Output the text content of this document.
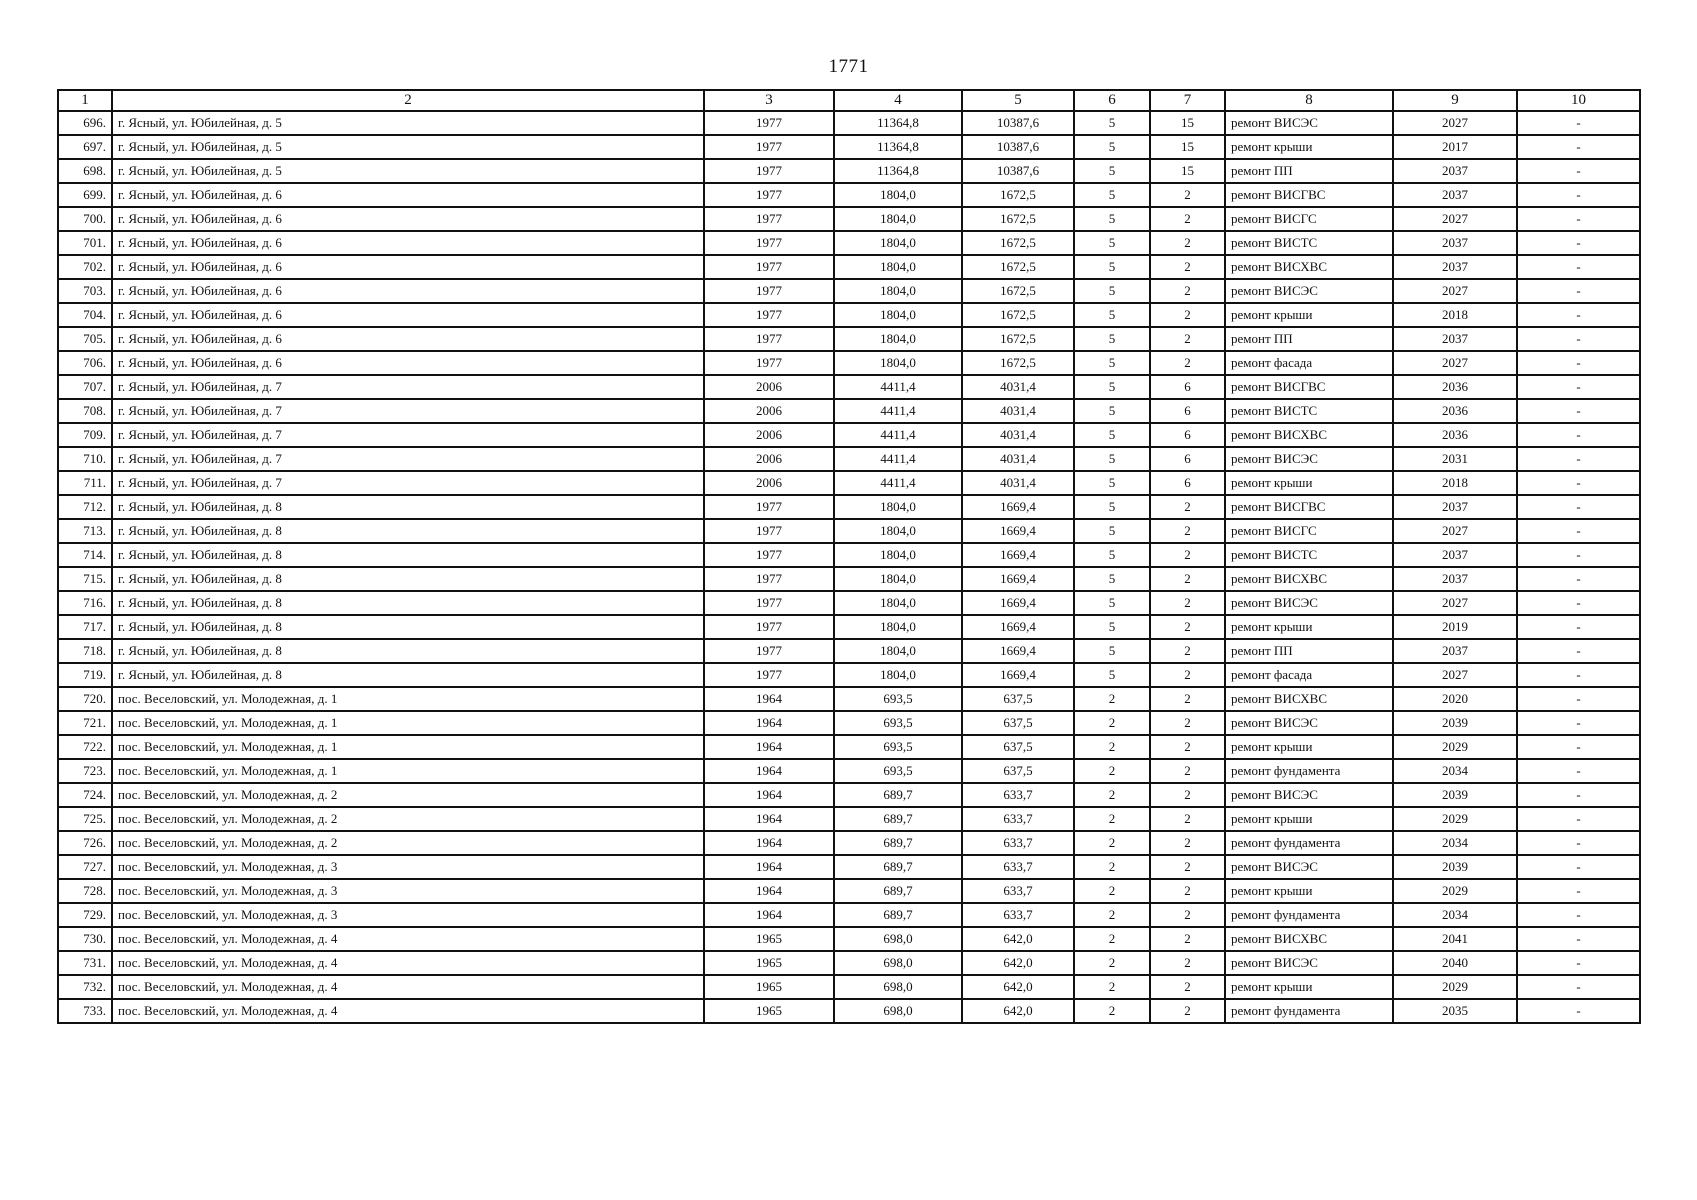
1771
1	2	3	4	5	6	7	8	9	10
696.	г. Ясный, ул. Юбилейная, д. 5	1977	11364,8	10387,6	5	15	ремонт ВИСЭС	2027	-
697.	г. Ясный, ул. Юбилейная, д. 5	1977	11364,8	10387,6	5	15	ремонт крыши	2017	-
698.	г. Ясный, ул. Юбилейная, д. 5	1977	11364,8	10387,6	5	15	ремонт ПП	2037	-
699.	г. Ясный, ул. Юбилейная, д. 6	1977	1804,0	1672,5	5	2	ремонт ВИСГВС	2037	-
700.	г. Ясный, ул. Юбилейная, д. 6	1977	1804,0	1672,5	5	2	ремонт ВИСГС	2027	-
701.	г. Ясный, ул. Юбилейная, д. 6	1977	1804,0	1672,5	5	2	ремонт ВИСТС	2037	-
702.	г. Ясный, ул. Юбилейная, д. 6	1977	1804,0	1672,5	5	2	ремонт ВИСХВС	2037	-
703.	г. Ясный, ул. Юбилейная, д. 6	1977	1804,0	1672,5	5	2	ремонт ВИСЭС	2027	-
704.	г. Ясный, ул. Юбилейная, д. 6	1977	1804,0	1672,5	5	2	ремонт крыши	2018	-
705.	г. Ясный, ул. Юбилейная, д. 6	1977	1804,0	1672,5	5	2	ремонт ПП	2037	-
706.	г. Ясный, ул. Юбилейная, д. 6	1977	1804,0	1672,5	5	2	ремонт фасада	2027	-
707.	г. Ясный, ул. Юбилейная, д. 7	2006	4411,4	4031,4	5	6	ремонт ВИСГВС	2036	-
708.	г. Ясный, ул. Юбилейная, д. 7	2006	4411,4	4031,4	5	6	ремонт ВИСТС	2036	-
709.	г. Ясный, ул. Юбилейная, д. 7	2006	4411,4	4031,4	5	6	ремонт ВИСХВС	2036	-
710.	г. Ясный, ул. Юбилейная, д. 7	2006	4411,4	4031,4	5	6	ремонт ВИСЭС	2031	-
711.	г. Ясный, ул. Юбилейная, д. 7	2006	4411,4	4031,4	5	6	ремонт крыши	2018	-
712.	г. Ясный, ул. Юбилейная, д. 8	1977	1804,0	1669,4	5	2	ремонт ВИСГВС	2037	-
713.	г. Ясный, ул. Юбилейная, д. 8	1977	1804,0	1669,4	5	2	ремонт ВИСГС	2027	-
714.	г. Ясный, ул. Юбилейная, д. 8	1977	1804,0	1669,4	5	2	ремонт ВИСТС	2037	-
715.	г. Ясный, ул. Юбилейная, д. 8	1977	1804,0	1669,4	5	2	ремонт ВИСХВС	2037	-
716.	г. Ясный, ул. Юбилейная, д. 8	1977	1804,0	1669,4	5	2	ремонт ВИСЭС	2027	-
717.	г. Ясный, ул. Юбилейная, д. 8	1977	1804,0	1669,4	5	2	ремонт крыши	2019	-
718.	г. Ясный, ул. Юбилейная, д. 8	1977	1804,0	1669,4	5	2	ремонт ПП	2037	-
719.	г. Ясный, ул. Юбилейная, д. 8	1977	1804,0	1669,4	5	2	ремонт фасада	2027	-
720.	пос. Веселовский, ул. Молодежная, д. 1	1964	693,5	637,5	2	2	ремонт ВИСХВС	2020	-
721.	пос. Веселовский, ул. Молодежная, д. 1	1964	693,5	637,5	2	2	ремонт ВИСЭС	2039	-
722.	пос. Веселовский, ул. Молодежная, д. 1	1964	693,5	637,5	2	2	ремонт крыши	2029	-
723.	пос. Веселовский, ул. Молодежная, д. 1	1964	693,5	637,5	2	2	ремонт фундамента	2034	-
724.	пос. Веселовский, ул. Молодежная, д. 2	1964	689,7	633,7	2	2	ремонт ВИСЭС	2039	-
725.	пос. Веселовский, ул. Молодежная, д. 2	1964	689,7	633,7	2	2	ремонт крыши	2029	-
726.	пос. Веселовский, ул. Молодежная, д. 2	1964	689,7	633,7	2	2	ремонт фундамента	2034	-
727.	пос. Веселовский, ул. Молодежная, д. 3	1964	689,7	633,7	2	2	ремонт ВИСЭС	2039	-
728.	пос. Веселовский, ул. Молодежная, д. 3	1964	689,7	633,7	2	2	ремонт крыши	2029	-
729.	пос. Веселовский, ул. Молодежная, д. 3	1964	689,7	633,7	2	2	ремонт фундамента	2034	-
730.	пос. Веселовский, ул. Молодежная, д. 4	1965	698,0	642,0	2	2	ремонт ВИСХВС	2041	-
731.	пос. Веселовский, ул. Молодежная, д. 4	1965	698,0	642,0	2	2	ремонт ВИСЭС	2040	-
732.	пос. Веселовский, ул. Молодежная, д. 4	1965	698,0	642,0	2	2	ремонт крыши	2029	-
733.	пос. Веселовский, ул. Молодежная, д. 4	1965	698,0	642,0	2	2	ремонт фундамента	2035	-
